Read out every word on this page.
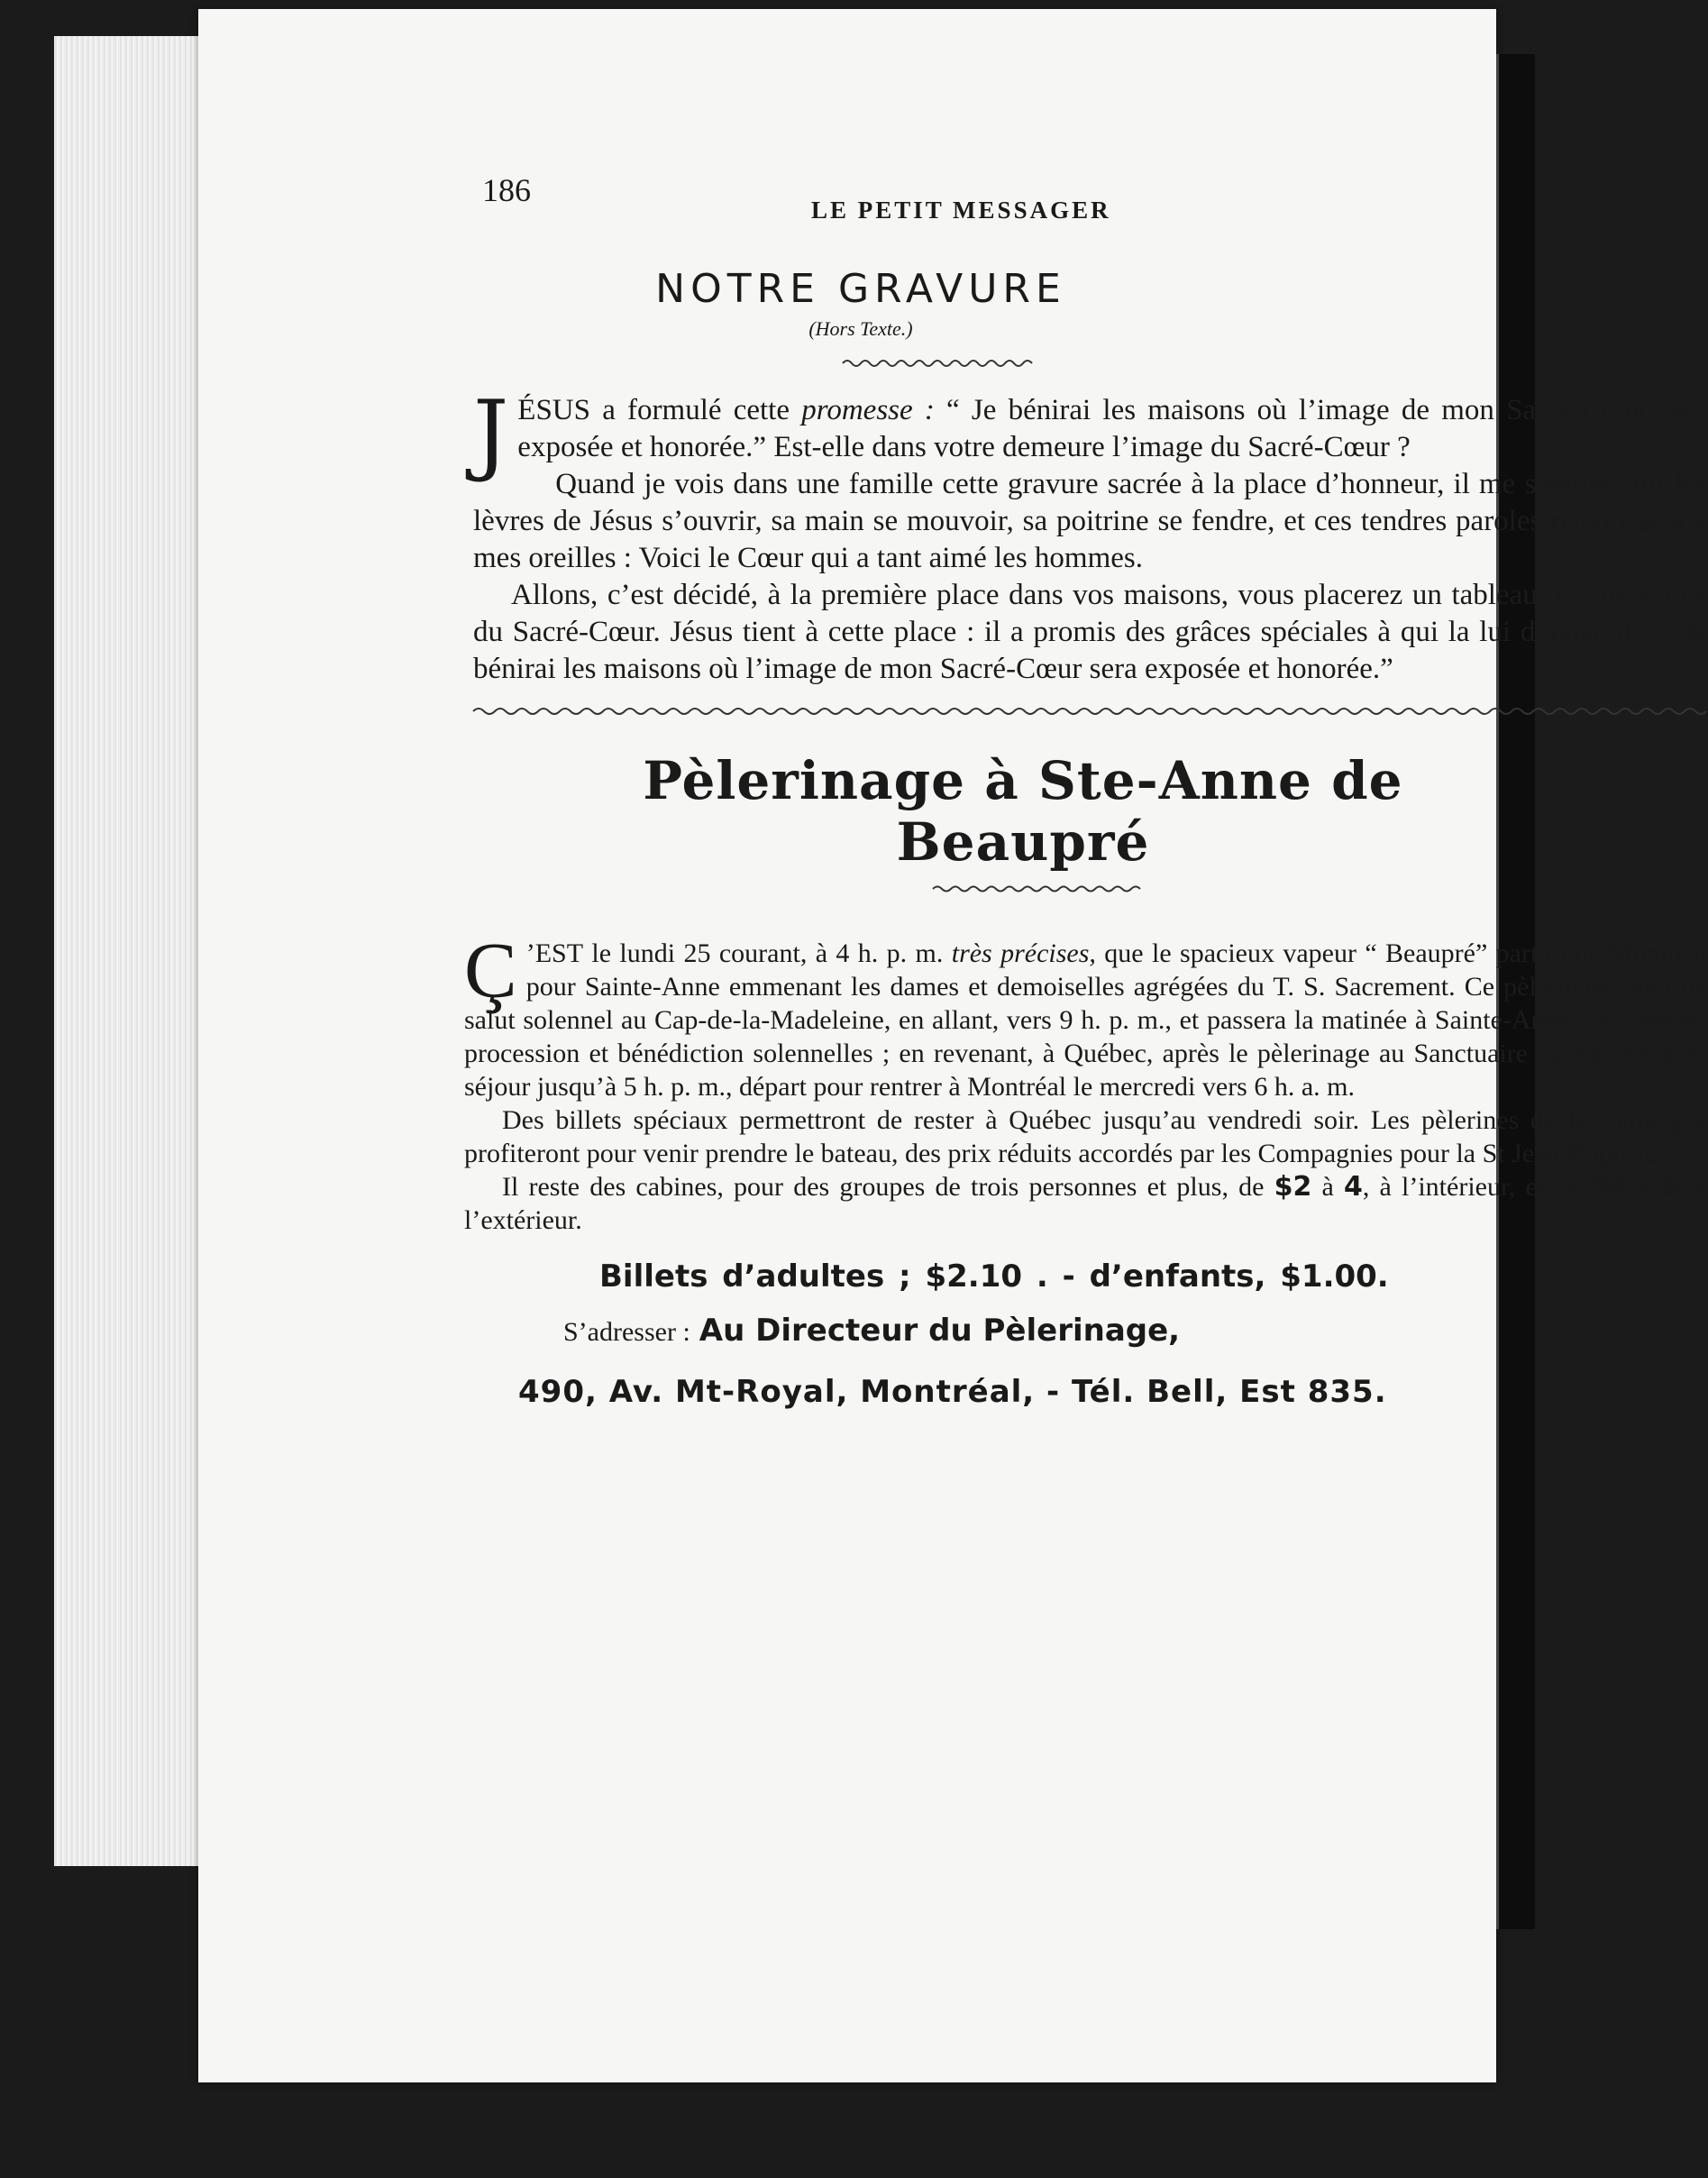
186
LE PETIT MESSAGER
NOTRE GRAVURE
(Hors Texte.)

JÉSUS a formulé cette promesse : “ Je bénirai les maisons où l’image de mon Sacré-Cœur sera exposée et honorée.” Est-elle dans votre demeure l’image du Sacré-Cœur ?

Quand je vois dans une famille cette gravure sacrée à la place d’honneur, il me semble voir les lèvres de Jésus s’ouvrir, sa main se mouvoir, sa poitrine se fendre, et ces tendres paroles retentissent à mes oreilles : Voici le Cœur qui a tant aimé les hommes.

Allons, c’est décidé, à la première place dans vos maisons, vous placerez un tableau ou une statue du Sacré-Cœur. Jésus tient à cette place : il a promis des grâces spéciales à qui la lui donnerait : “ Je bénirai les maisons où l’image de mon Sacré-Cœur sera exposée et honorée.”

Pèlerinage à Ste-Anne de Beaupré

Ç ’EST le lundi 25 courant, à 4 h. p. m. très précises, que le spacieux vapeur “ Beaupré” partira de Montréal pour Sainte-Anne emmenant les dames et demoiselles agrégées du T. S. Sacrement. Ce pèlerinage aura un salut solennel au Cap-de-la-Madeleine, en allant, vers 9 h. p. m., et passera la matinée à Sainte-Anne avec messe, procession et bénédiction solennelles ; en revenant, à Québec, après le pèlerinage au Sanctuaire du Sacré-Cœur, séjour jusqu’à 5 h. p. m., départ pour rentrer à Montréal le mercredi vers 6 h. a. m.

Des billets spéciaux permettront de rester à Québec jusqu’au vendredi soir. Les pèlerines de la campagne profiteront pour venir prendre le bateau, des prix réduits accordés par les Compagnies pour la St Jean-Baptiste.

Il reste des cabines, pour des groupes de trois personnes et plus, de $2 à 4, à l’intérieur, et de $4 à 6, à l’extérieur.

Billets d’adultes ; $2.10 . - d’enfants, $1.00.
S’adresser : Au Directeur du Pèlerinage,
490, Av. Mt-Royal, Montréal, - Tél. Bell, Est 835.
